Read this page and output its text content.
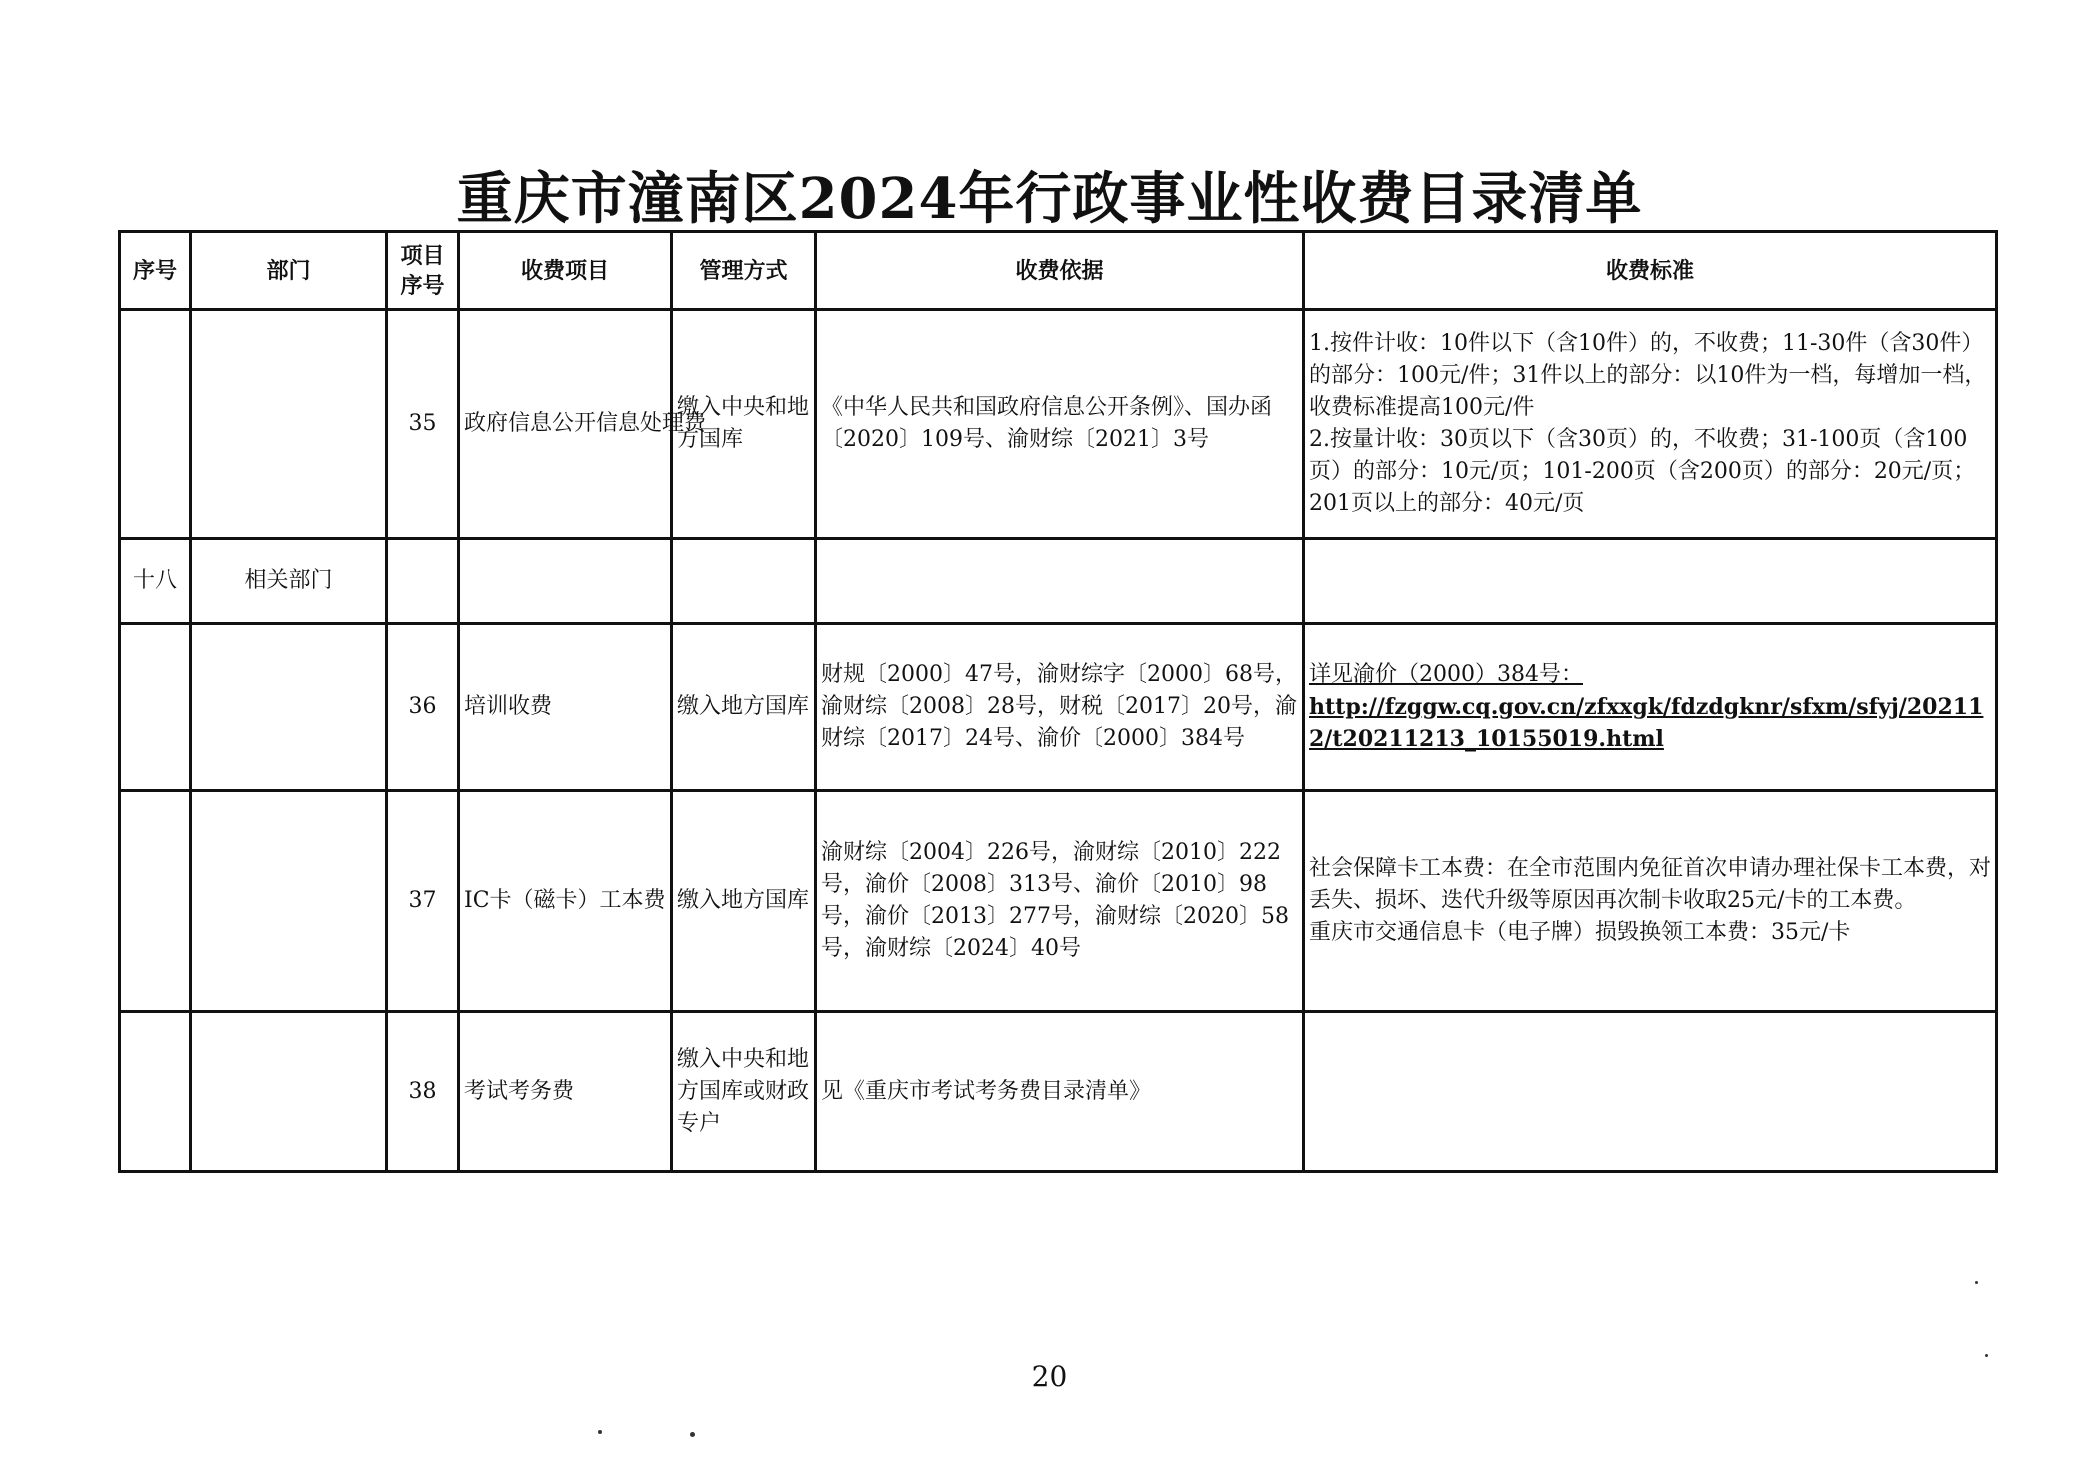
重庆市潼南区2024年行政事业性收费目录清单
序号	部门	项目序号	收费项目	管理方式	收费依据	收费标准
		35	政府信息公开信息处理费	缴入中央和地方国库	《中华人民共和国政府信息公开条例》、国办函〔2020〕109号、渝财综〔2021〕3号	1.按件计收：10件以下（含10件）的，不收费；11-30件（含30件）的部分：100元/件；31件以上的部分：以10件为一档，每增加一档，收费标准提高100元/件
2.按量计收：30页以下（含30页）的，不收费；31-100页（含100页）的部分：10元/页；101-200页（含200页）的部分：20元/页；201页以上的部分：40元/页
十八	相关部门					
		36	培训收费	缴入地方国库	财规〔2000〕47号，渝财综字〔2000〕68号，渝财综〔2008〕28号，财税〔2017〕20号，渝财综〔2017〕24号、渝价〔2000〕384号	详见渝价（2000）384号：
http://fzggw.cq.gov.cn/zfxxgk/fdzdgknr/sfxm/sfyj/202112/t20211213_10155019.html

		37	IC卡（磁卡）工本费	缴入地方国库	渝财综〔2004〕226号，渝财综〔2010〕222号，渝价〔2008〕313号、渝价〔2010〕98号，渝价〔2013〕277号，渝财综〔2020〕58号，渝财综〔2024〕40号	社会保障卡工本费：在全市范围内免征首次申请办理社保卡工本费，对丢失、损坏、迭代升级等原因再次制卡收取25元/卡的工本费。
重庆市交通信息卡（电子牌）损毁换领工本费：35元/卡
		38	考试考务费	缴入中央和地方国库或财政专户	见《重庆市考试考务费目录清单》	
20
